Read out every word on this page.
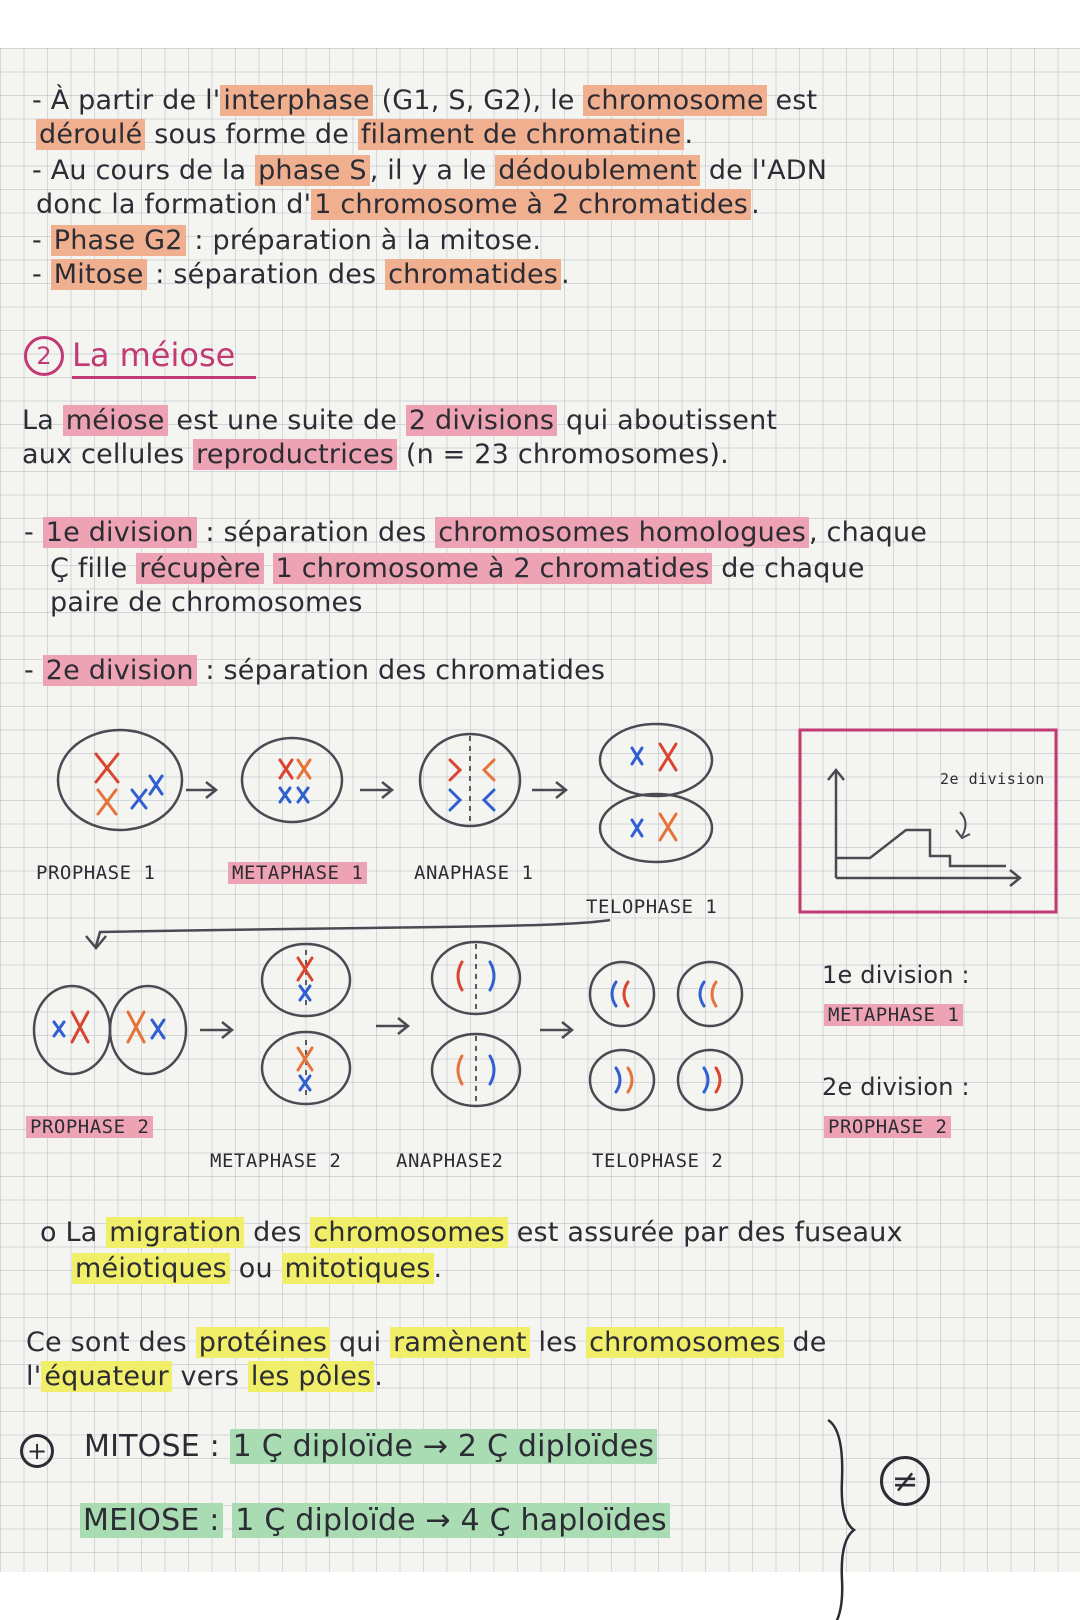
- À partir de l' interphase (G1, S, G2), le chromosome est
déroulé sous forme de filament de chromatine .
- Au cours de la phase S , il y a le dédoublement de l'ADN
donc la formation d' 1 chromosome à 2 chromatides .
- Phase G2 : préparation à la mitose.
- Mitose : séparation des chromatides .
2 La méiose
La méiose est une suite de 2 divisions qui aboutissent
aux cellules reproductrices (n = 23 chromosomes).
- 1e division : séparation des chromosomes homologues , chaque
Ç fille récupère 1 chromosome à 2 chromatides de chaque
paire de chromosomes
- 2e division : séparation des chromatides
PROPHASE 1	METAPHASE 1	ANAPHASE 1
TELOPHASE 1
PROPHASE 2
METAPHASE 2	ANAPHASE2	TELOPHASE 2
2e division
1e division :
METAPHASE 1
2e division :
PROPHASE 2
o La migration des chromosomes est assurée par des fuseaux
méiotiques ou mitotiques .
Ce sont des protéines qui ramènent les chromosomes de
l' équateur vers les pôles .
+ MITOSE : 1 Ç diploïde → 2 Ç diploïdes
MEIOSE : 1 Ç diploïde → 4 Ç haploïdes
≠
